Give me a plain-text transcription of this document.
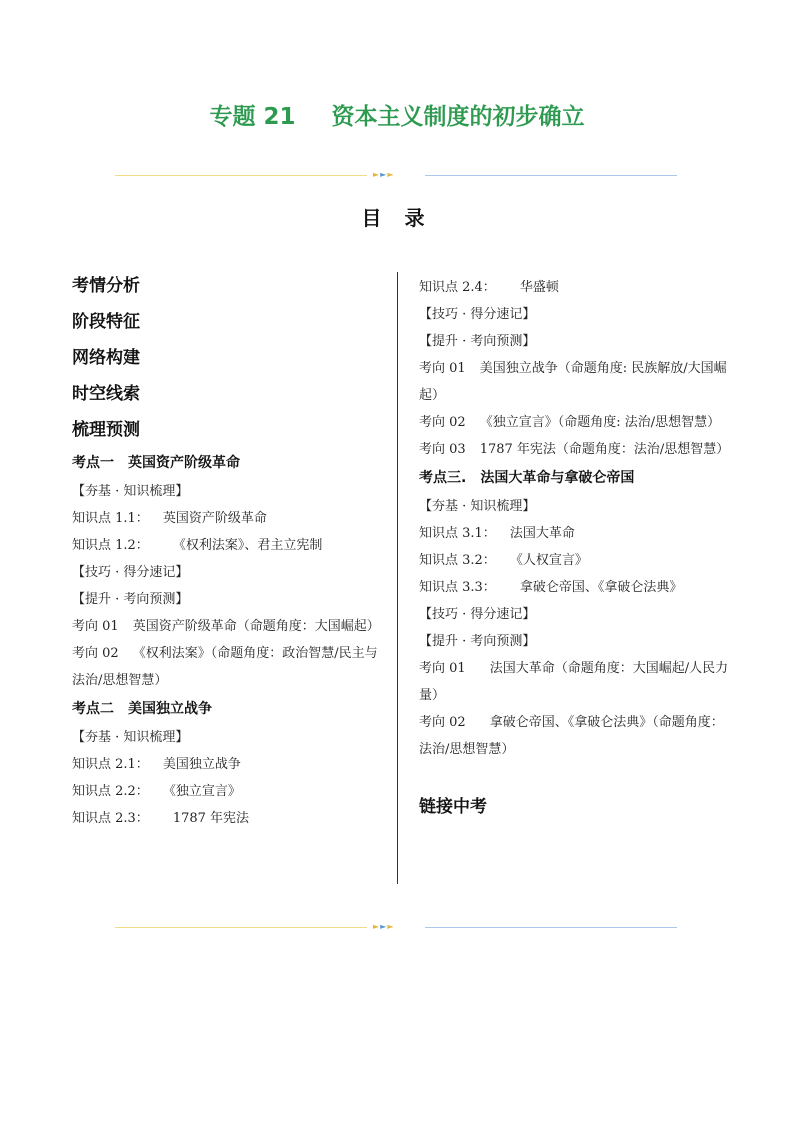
专题 21 资本主义制度的初步确立
►►►
目 录
考情分析
阶段特征
网络构建
时空线索
梳理预测
考点一　英国资产阶级革命
【夯基 · 知识梳理】
知识点 1.1： 英国资产阶级革命
知识点 1.2： 《权利法案》、君主立宪制
【技巧 · 得分速记】
【提升 · 考向预测】
考向 01 英国资产阶级革命（命题角度：大国崛起）
考向 02 《权利法案》（命题角度：政治智慧/民主与法治/思想智慧）
考点二　美国独立战争
【夯基 · 知识梳理】
知识点 2.1： 美国独立战争
知识点 2.2： 《独立宣言》
知识点 2.3： 1787 年宪法
知识点 2.4： 华盛顿
【技巧 · 得分速记】
【提升 · 考向预测】
考向 01 美国独立战争（命题角度: 民族解放/大国崛起）
考向 02 《独立宣言》（命题角度: 法治/思想智慧）
考向 03 1787 年宪法（命题角度：法治/思想智慧）
考点三.　法国大革命与拿破仑帝国
【夯基 · 知识梳理】
知识点 3.1： 法国大革命
知识点 3.2： 《人权宣言》
知识点 3.3： 拿破仑帝国、《拿破仑法典》
【技巧 · 得分速记】
【提升 · 考向预测】
考向 01 法国大革命（命题角度：大国崛起/人民力量）
考向 02 拿破仑帝国、《拿破仑法典》（命题角度：法治/思想智慧）
链接中考
►►►
